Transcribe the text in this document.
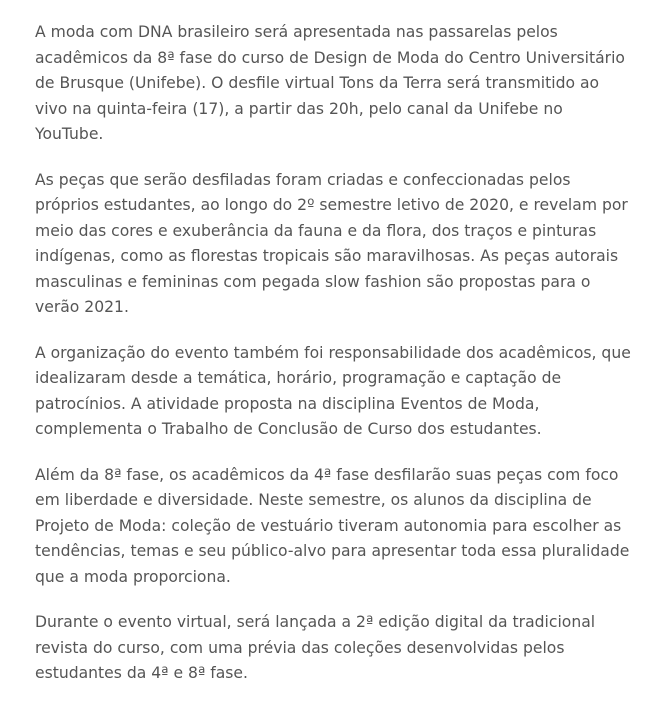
A moda com DNA brasileiro será apresentada nas passarelas pelos acadêmicos da 8ª fase do curso de Design de Moda do Centro Universitário de Brusque (Unifebe). O desfile virtual Tons da Terra será transmitido ao vivo na quinta-feira (17), a partir das 20h, pelo canal da Unifebe no YouTube.

As peças que serão desfiladas foram criadas e confeccionadas pelos próprios estudantes, ao longo do 2º semestre letivo de 2020, e revelam por meio das cores e exuberância da fauna e da flora, dos traços e pinturas indígenas, como as florestas tropicais são maravilhosas. As peças autorais masculinas e femininas com pegada slow fashion são propostas para o verão 2021.

A organização do evento também foi responsabilidade dos acadêmicos, que idealizaram desde a temática, horário, programação e captação de patrocínios. A atividade proposta na disciplina Eventos de Moda, complementa o Trabalho de Conclusão de Curso dos estudantes.

Além da 8ª fase, os acadêmicos da 4ª fase desfilarão suas peças com foco em liberdade e diversidade. Neste semestre, os alunos da disciplina de Projeto de Moda: coleção de vestuário tiveram autonomia para escolher as tendências, temas e seu público-alvo para apresentar toda essa pluralidade que a moda proporciona.

Durante o evento virtual, será lançada a 2ª edição digital da tradicional revista do curso, com uma prévia das coleções desenvolvidas pelos estudantes da 4ª e 8ª fase.
